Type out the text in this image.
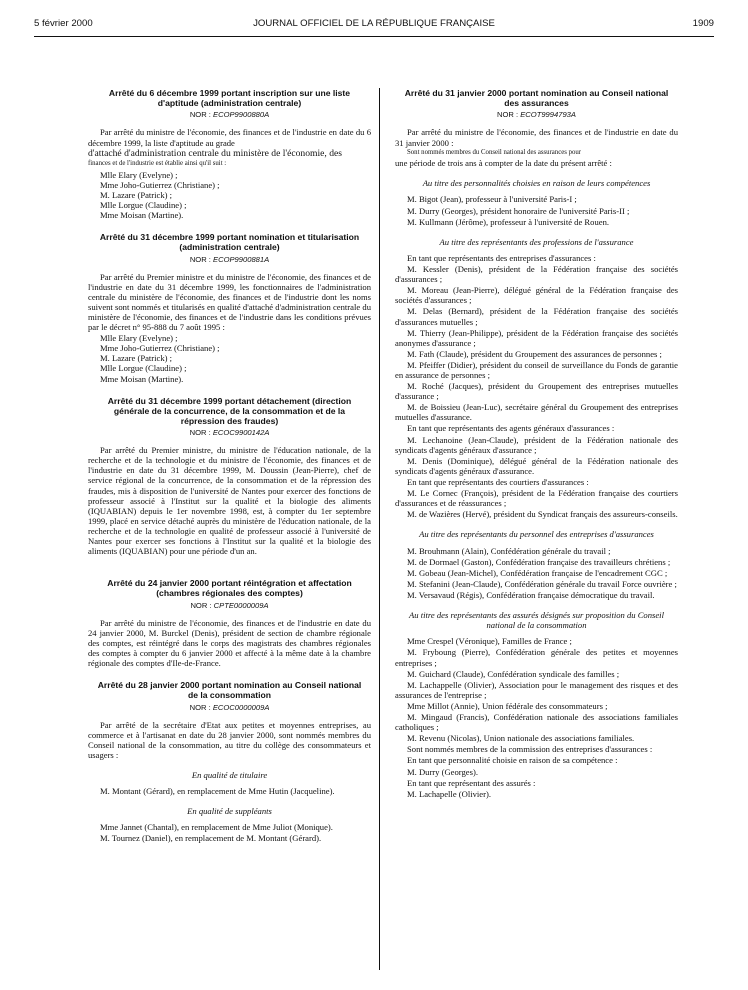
5 février 2000	JOURNAL OFFICIEL DE LA RÉPUBLIQUE FRANÇAISE	1909
Arrêté du 6 décembre 1999 portant inscription sur une liste d'aptitude (administration centrale)
NOR : ECOP9900880A

Par arrêté du ministre de l'économie, des finances et de l'industrie en date du 6 décembre 1999, la liste d'aptitude au grade

d'attaché d'administration centrale du ministère de l'économie, des

finances et de l'industrie est établie ainsi qu'il suit :

Mlle Elary (Evelyne) ;
Mme Joho-Gutierrez (Christiane) ;
M. Lazare (Patrick) ;
Mlle Lorgue (Claudine) ;
Mme Moisan (Martine).
Arrêté du 31 décembre 1999 portant nomination et titularisation (administration centrale)
NOR : ECOP9900881A

Par arrêté du Premier ministre et du ministre de l'économie, des finances et de l'industrie en date du 31 décembre 1999, les fonctionnaires de l'administration centrale du ministère de l'économie, des finances et de l'industrie dont les noms suivent sont nommés et titularisés en qualité d'attaché d'administration centrale du ministère de l'économie, des finances et de l'industrie dans les conditions prévues par le décret n° 95-888 du 7 août 1995 :

Mlle Elary (Evelyne) ;
Mme Joho-Gutierrez (Christiane) ;
M. Lazare (Patrick) ;
Mlle Lorgue (Claudine) ;
Mme Moisan (Martine).
Arrêté du 31 décembre 1999 portant détachement (direction générale de la concurrence, de la consommation et de la répression des fraudes)
NOR : ECOC9900142A

Par arrêté du Premier ministre, du ministre de l'éducation nationale, de la recherche et de la technologie et du ministre de l'économie, des finances et de l'industrie en date du 31 décembre 1999, M. Doussin (Jean-Pierre), chef de service régional de la concurrence, de la consommation et de la répression des fraudes, mis à disposition de l'université de Nantes pour exercer des fonctions de professeur associé à l'Institut sur la qualité et la biologie des aliments (IQUABIAN) depuis le 1er novembre 1998, est, à compter du 1er septembre 1999, placé en service détaché auprès du ministère de l'éducation nationale, de la recherche et de la technologie en qualité de professeur associé à l'université de Nantes pour exercer ses fonctions à l'Institut sur la qualité et la biologie des aliments (IQUABIAN) pour une période d'un an.

Arrêté du 24 janvier 2000 portant réintégration et affectation (chambres régionales des comptes)
NOR : CPTE0000009A

Par arrêté du ministre de l'économie, des finances et de l'industrie en date du 24 janvier 2000, M. Burckel (Denis), président de section de chambre régionale des comptes, est réintégré dans le corps des magistrats des chambres régionales des comptes à compter du 6 janvier 2000 et affecté à la même date à la chambre régionale des comptes d'Ile-de-France.

Arrêté du 28 janvier 2000 portant nomination au Conseil national de la consommation
NOR : ECOC0000009A

Par arrêté de la secrétaire d'Etat aux petites et moyennes entreprises, au commerce et à l'artisanat en date du 28 janvier 2000, sont nommés membres du Conseil national de la consommation, au titre du collège des consommateurs et usagers :

En qualité de titulaire

M. Montant (Gérard), en remplacement de Mme Hutin (Jacqueline).

En qualité de suppléants

Mme Jannet (Chantal), en remplacement de Mme Juliot (Monique).

M. Tournez (Daniel), en remplacement de M. Montant (Gérard).

Arrêté du 31 janvier 2000 portant nomination au Conseil national des assurances
NOR : ECOT9994793A

Par arrêté du ministre de l'économie, des finances et de l'industrie en date du 31 janvier 2000 :

Sont nommés membres du Conseil national des assurances pour

une période de trois ans à compter de la date du présent arrêté :

Au titre des personnalités choisies en raison de leurs compétences

M. Bigot (Jean), professeur à l'université Paris-I ;

M. Durry (Georges), président honoraire de l'université Paris-II ;

M. Kullmann (Jérôme), professeur à l'université de Rouen.

Au titre des représentants des professions de l'assurance

En tant que représentants des entreprises d'assurances :

M. Kessler (Denis), président de la Fédération française des sociétés d'assurances ;

M. Moreau (Jean-Pierre), délégué général de la Fédération française des sociétés d'assurances ;

M. Delas (Bernard), président de la Fédération française des sociétés d'assurances mutuelles ;

M. Thierry (Jean-Philippe), président de la Fédération française des sociétés anonymes d'assurance ;

M. Fath (Claude), président du Groupement des assurances de personnes ;

M. Pfeiffer (Didier), président du conseil de surveillance du Fonds de garantie en assurance de personnes ;

M. Roché (Jacques), président du Groupement des entreprises mutuelles d'assurance ;

M. de Boissieu (Jean-Luc), secrétaire général du Groupement des entreprises mutuelles d'assurance.

En tant que représentants des agents généraux d'assurances :

M. Lechanoine (Jean-Claude), président de la Fédération nationale des syndicats d'agents généraux d'assurance ;

M. Denis (Dominique), délégué général de la Fédération nationale des syndicats d'agents généraux d'assurance.

En tant que représentants des courtiers d'assurances :

M. Le Cornec (François), président de la Fédération française des courtiers d'assurances et de réassurances ;

M. de Wazières (Hervé), président du Syndicat français des assureurs-conseils.

Au titre des représentants du personnel des entreprises d'assurances

M. Brouhmann (Alain), Confédération générale du travail ;

M. de Dormael (Gaston), Confédération française des travailleurs chrétiens ;

M. Gobeau (Jean-Michel), Confédération française de l'encadrement CGC ;

M. Stefanini (Jean-Claude), Confédération générale du travail Force ouvrière ;

M. Versavaud (Régis), Confédération française démocratique du travail.

Au titre des représentants des assurés désignés sur proposition du Conseil national de la consommation

Mme Crespel (Véronique), Familles de France ;

M. Fryboung (Pierre), Confédération générale des petites et moyennes entreprises ;

M. Guichard (Claude), Confédération syndicale des familles ;

M. Lachappelle (Olivier), Association pour le management des risques et des assurances de l'entreprise ;

Mme Millot (Annie), Union fédérale des consommateurs ;

M. Mingaud (Francis), Confédération nationale des associations familiales catholiques ;

M. Revenu (Nicolas), Union nationale des associations familiales.

Sont nommés membres de la commission des entreprises d'assurances :

En tant que personnalité choisie en raison de sa compétence :

M. Durry (Georges).

En tant que représentant des assurés :

M. Lachapelle (Olivier).
